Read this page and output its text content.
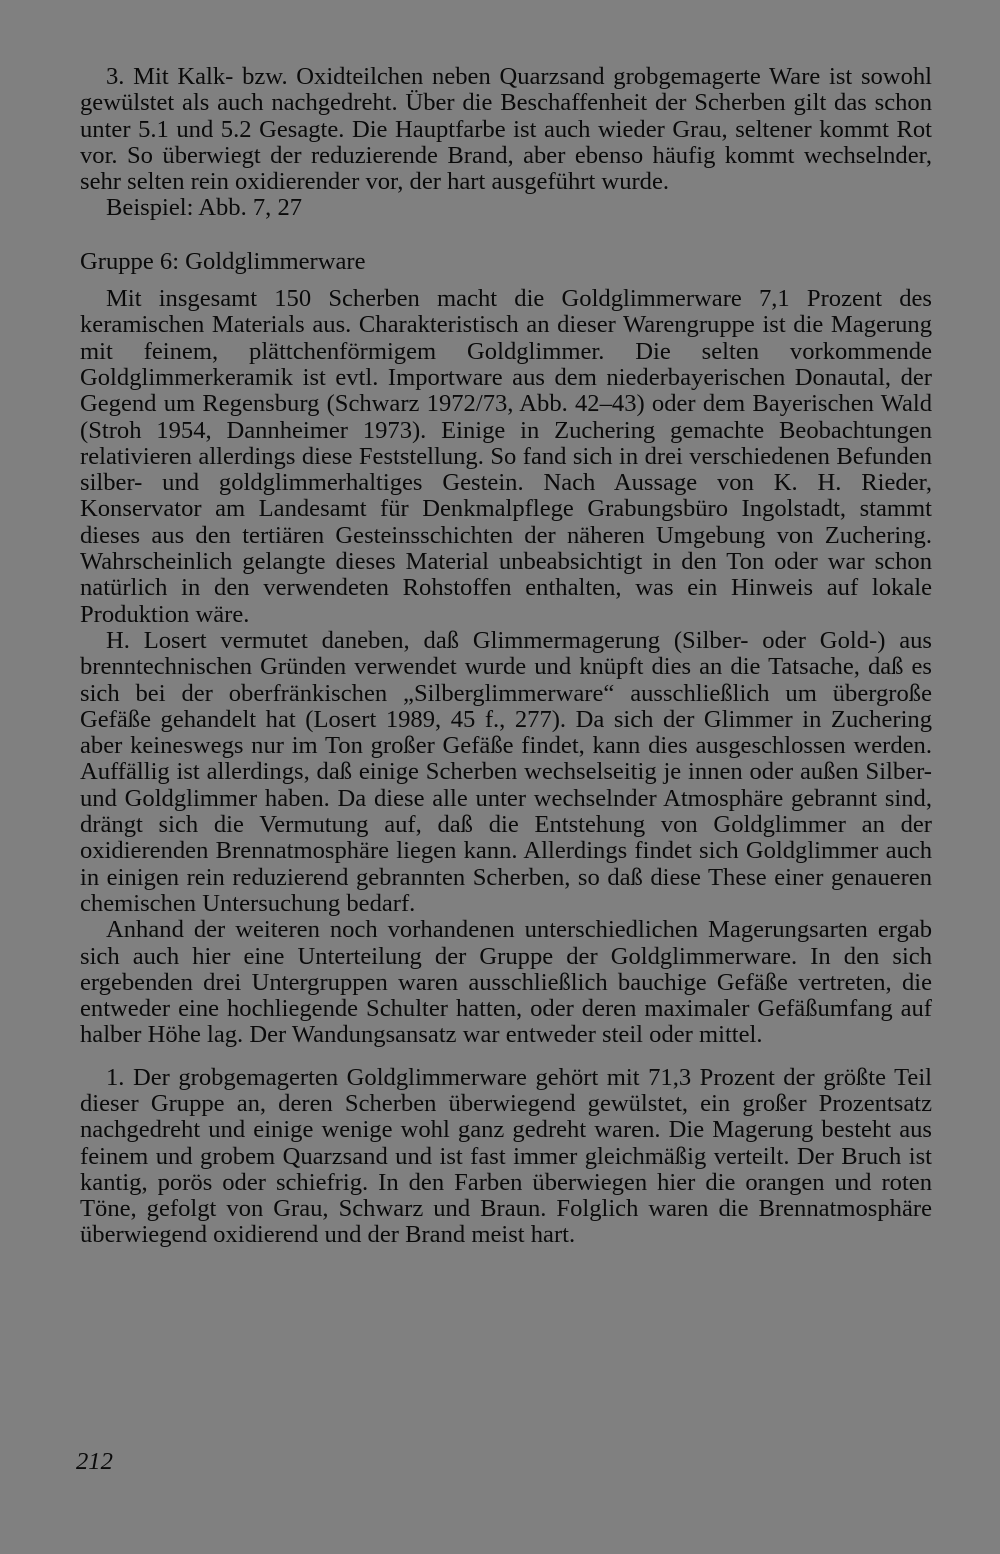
3. Mit Kalk- bzw. Oxidteilchen neben Quarzsand grobgemagerte Ware ist sowohl gewülstet als auch nachgedreht. Über die Beschaffenheit der Scherben gilt das schon unter 5.1 und 5.2 Gesagte. Die Hauptfarbe ist auch wieder Grau, seltener kommt Rot vor. So überwiegt der reduzierende Brand, aber ebenso häufig kommt wechselnder, sehr selten rein oxidierender vor, der hart ausgeführt wurde.

Beispiel: Abb. 7, 27

Gruppe 6: Goldglimmerware

Mit insgesamt 150 Scherben macht die Goldglimmerware 7,1 Prozent des keramischen Materials aus. Charakteristisch an dieser Warengruppe ist die Magerung mit feinem, plättchenförmigem Goldglimmer. Die selten vorkommende Goldglimmerkeramik ist evtl. Importware aus dem niederbayerischen Donautal, der Gegend um Regensburg (Schwarz 1972/73, Abb. 42–43) oder dem Bayerischen Wald (Stroh 1954, Dannheimer 1973). Einige in Zuchering gemachte Beobachtungen relativieren allerdings diese Feststellung. So fand sich in drei verschiedenen Befunden silber- und goldglimmerhaltiges Gestein. Nach Aussage von K. H. Rieder, Konservator am Landesamt für Denkmalpflege Grabungsbüro Ingolstadt, stammt dieses aus den tertiären Gesteinsschichten der näheren Umgebung von Zuchering. Wahrscheinlich gelangte dieses Material unbeabsichtigt in den Ton oder war schon natürlich in den verwendeten Rohstoffen enthalten, was ein Hinweis auf lokale Produktion wäre.

H. Losert vermutet daneben, daß Glimmermagerung (Silber- oder Gold-) aus brenntechnischen Gründen verwendet wurde und knüpft dies an die Tatsache, daß es sich bei der oberfränkischen „Silberglimmerware“ ausschließlich um übergroße Gefäße gehandelt hat (Losert 1989, 45 f., 277). Da sich der Glimmer in Zuchering aber keineswegs nur im Ton großer Gefäße findet, kann dies ausgeschlossen werden. Auffällig ist allerdings, daß einige Scherben wechselseitig je innen oder außen Silber- und Goldglimmer haben. Da diese alle unter wechselnder Atmosphäre gebrannt sind, drängt sich die Vermutung auf, daß die Entstehung von Goldglimmer an der oxidierenden Brennatmosphäre liegen kann. Allerdings findet sich Goldglimmer auch in einigen rein reduzierend gebrannten Scherben, so daß diese These einer genaueren chemischen Untersuchung bedarf.

Anhand der weiteren noch vorhandenen unterschiedlichen Magerungsarten ergab sich auch hier eine Unterteilung der Gruppe der Goldglimmerware. In den sich ergebenden drei Untergruppen waren ausschließlich bauchige Gefäße vertreten, die entweder eine hochliegende Schulter hatten, oder deren maximaler Gefäßumfang auf halber Höhe lag. Der Wandungsansatz war entweder steil oder mittel.

1. Der grobgemagerten Goldglimmerware gehört mit 71,3 Prozent der größte Teil dieser Gruppe an, deren Scherben überwiegend gewülstet, ein großer Prozentsatz nachgedreht und einige wenige wohl ganz gedreht waren. Die Magerung besteht aus feinem und grobem Quarzsand und ist fast immer gleichmäßig verteilt. Der Bruch ist kantig, porös oder schiefrig. In den Farben überwiegen hier die orangen und roten Töne, gefolgt von Grau, Schwarz und Braun. Folglich waren die Brennatmosphäre überwiegend oxidierend und der Brand meist hart.

212
